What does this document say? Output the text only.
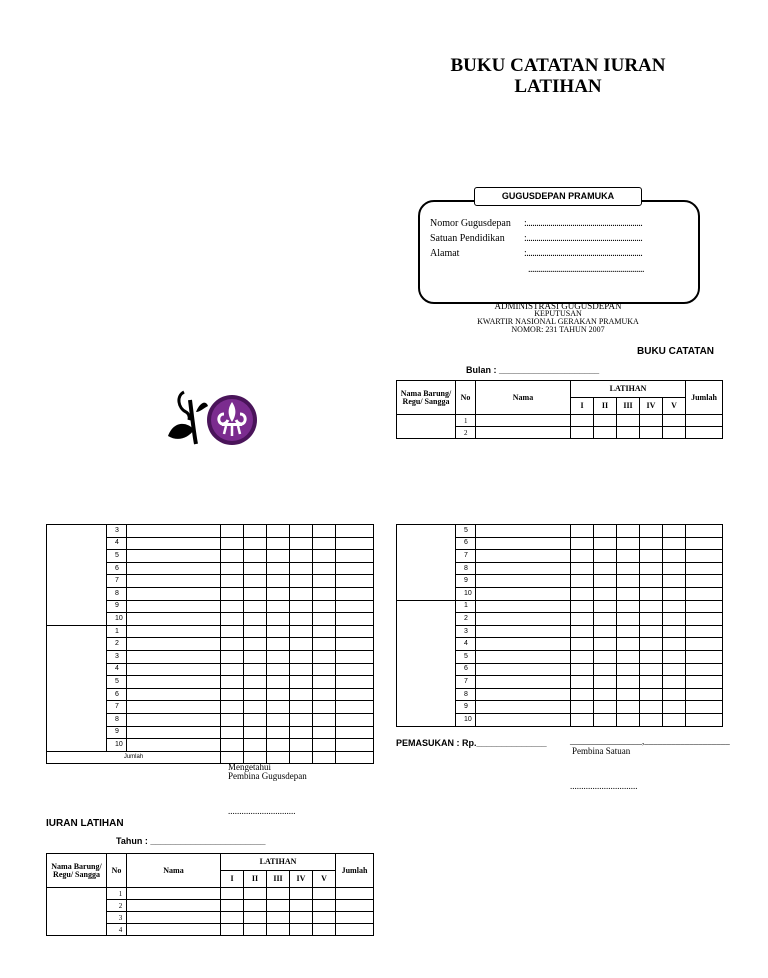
BUKU CATATAN IURAN LATIHAN
GUGUSDEPAN PRAMUKA
Nomor Gugusdepan :..........................................................
Satuan Pendidikan :..........................................................
Alamat	:..........................................................
..........................................................
ADMINISTRASI GUGUSDEPAN
KEPUTUSAN
KWARTIR NASIONAL GERAKAN PRAMUKA
NOMOR: 231 TAHUN 2007
BUKU CATATAN
Bulan : ____________________
Nama Barung/ Regu/ Sangga	No	Nama	LATIHAN					Jumlah
			I	II	III	IV	V	
	1							
	2							
	3							
	4							
	5							
	6							
	7							
	8							
	9							
	10							
	1							
	2							
	3							
	4							
	5							
	6							
	7							
	8							
	9							
	10							
Jumlah								
	5							
	6							
	7							
	8							
	9							
	10							
	1							
	2							
	3							
	4							
	5							
	6							
	7							
	8							
	9							
	10							
Mengetahui
Pembina Gugusdepan
..............................
PEMASUKAN : Rp.______________	________________,___________________
Pembina Satuan
..............................
IURAN LATIHAN
Tahun : _______________________
Nama Barung/ Regu/ Sangga	No	Nama	LATIHAN					Jumlah
			I	II	III	IV	V	
	1							
	2							
	3							
	4							
